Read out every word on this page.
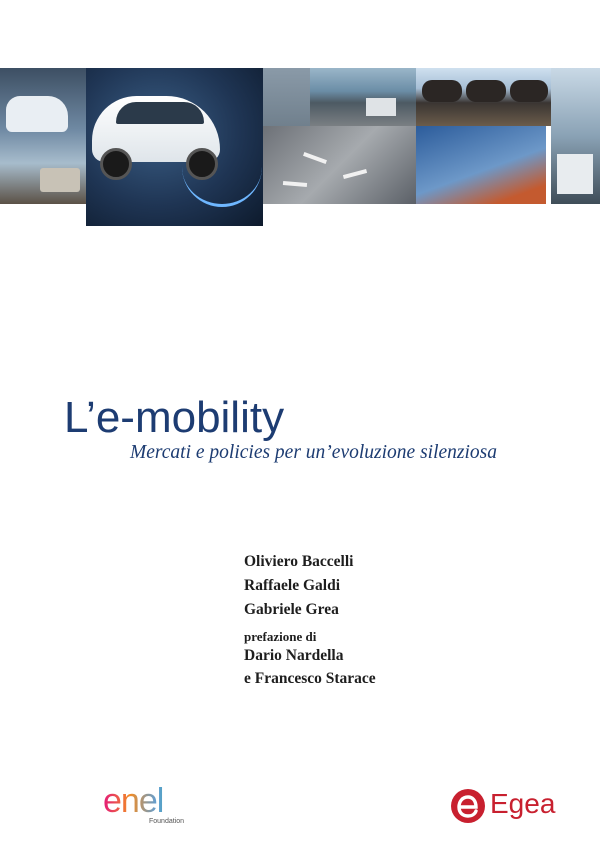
L’e-mobility
Mercati e policies per un’evoluzione silenziosa
Oliviero Baccelli
Raffaele Galdi
Gabriele Grea
prefazione di
Dario Nardella
e Francesco Starace
enel
Foundation
Egea
